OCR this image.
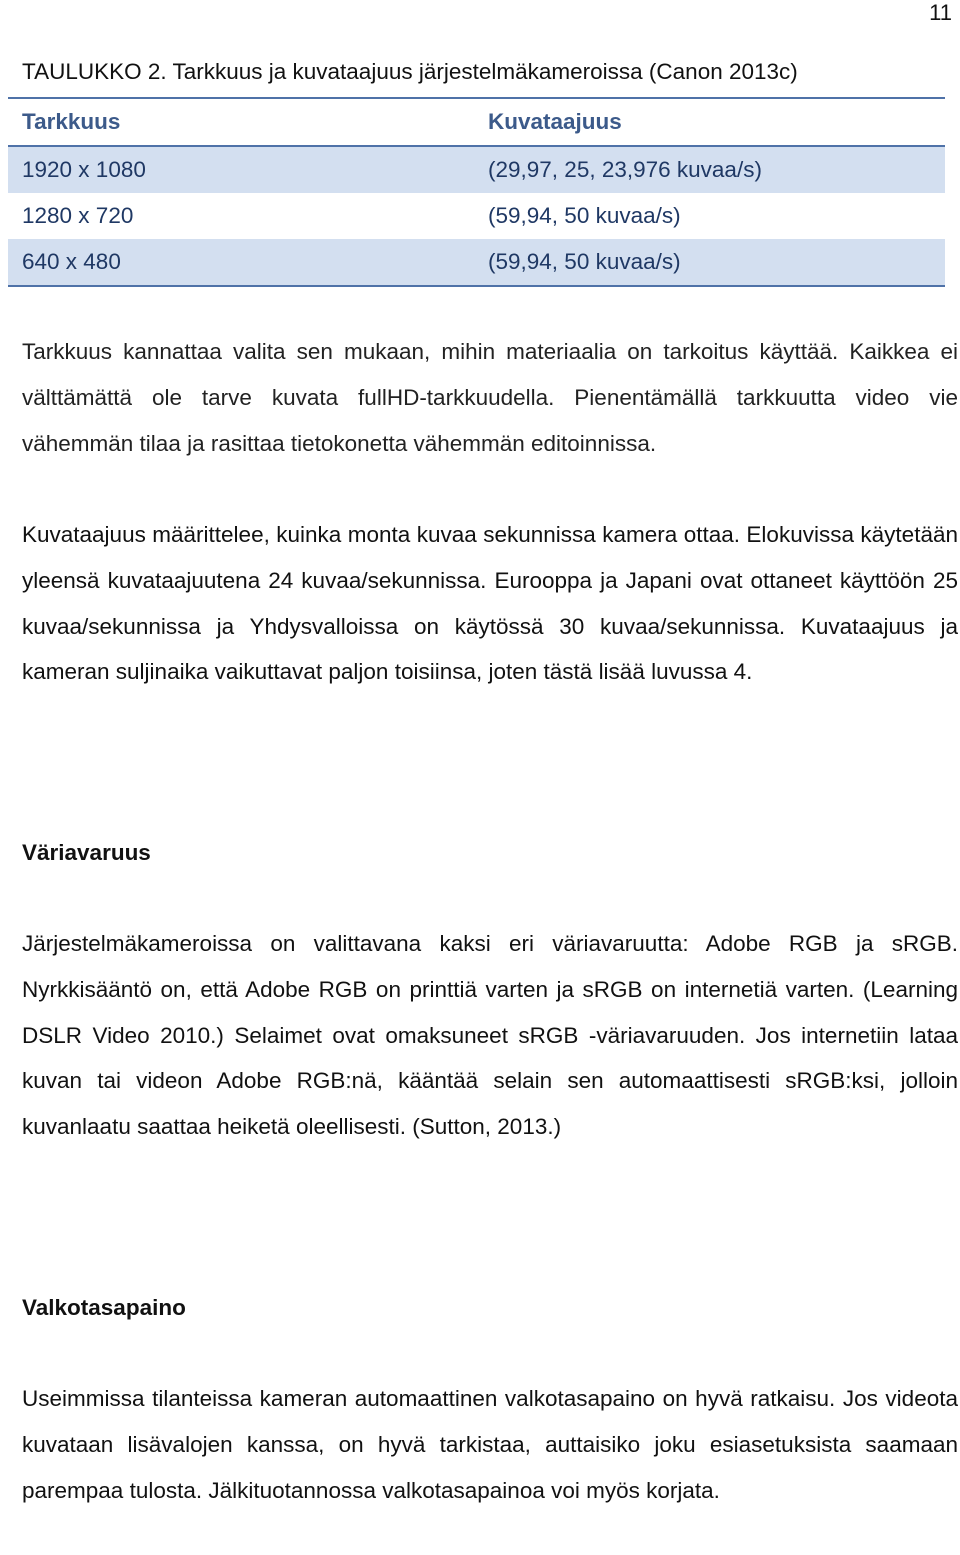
11
TAULUKKO 2. Tarkkuus ja kuvataajuus järjestelmäkameroissa (Canon 2013c)
Tarkkuus	Kuvataajuus
1920 x 1080	(29,97, 25, 23,976 kuvaa/s)
1280 x 720	(59,94, 50 kuvaa/s)
640 x 480	(59,94, 50 kuvaa/s)

Tarkkuus kannattaa valita sen mukaan, mihin materiaalia on tarkoitus käyttää. Kaikkea ei välttämättä ole tarve kuvata fullHD-tarkkuudella. Pienentämällä tarkkuutta video vie vähemmän tilaa ja rasittaa tietokonetta vähemmän editoinnissa.

Kuvataajuus määrittelee, kuinka monta kuvaa sekunnissa kamera ottaa. Elokuvissa käytetään yleensä kuvataajuutena 24 kuvaa/sekunnissa. Eurooppa ja Japani ovat ottaneet käyttöön 25 kuvaa/sekunnissa ja Yhdysvalloissa on käytössä 30 kuvaa/sekunnissa. Kuvataajuus ja kameran suljinaika vaikuttavat paljon toisiinsa, joten tästä lisää luvussa 4.

Väriavaruus

Järjestelmäkameroissa on valittavana kaksi eri väriavaruutta: Adobe RGB ja sRGB. Nyrkkisääntö on, että Adobe RGB on printtiä varten ja sRGB on internetiä varten. (Learning DSLR Video 2010.) Selaimet ovat omaksuneet sRGB -väriavaruuden. Jos internetiin lataa kuvan tai videon Adobe RGB:nä, kääntää selain sen automaattisesti sRGB:ksi, jolloin kuvanlaatu saattaa heiketä oleellisesti. (Sutton, 2013.)

Valkotasapaino

Useimmissa tilanteissa kameran automaattinen valkotasapaino on hyvä ratkaisu. Jos videota kuvataan lisävalojen kanssa, on hyvä tarkistaa, auttaisiko joku esiasetuksista saamaan parempaa tulosta. Jälkituotannossa valkotasapainoa voi myös korjata.
